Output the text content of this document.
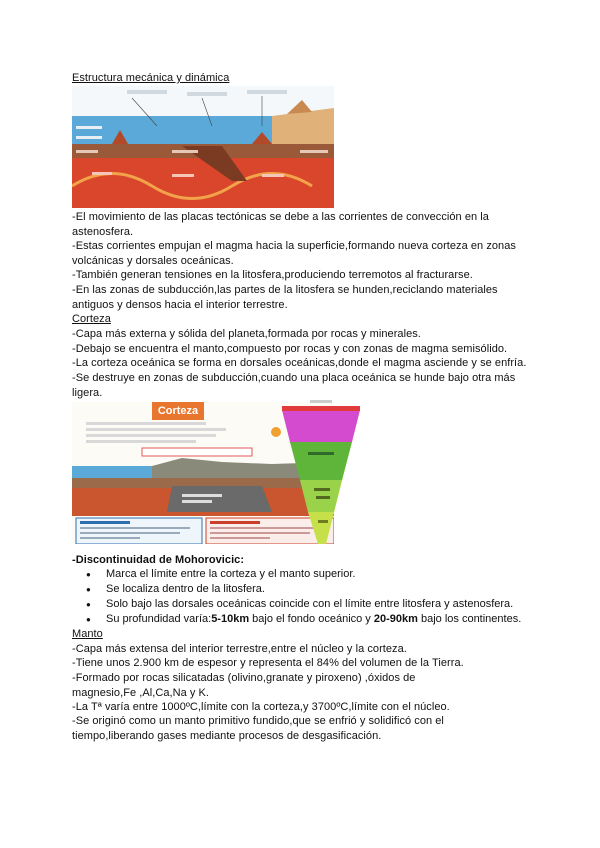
Estructura mecánica y dinámica
-El movimiento de las placas tectónicas se debe a las corrientes de convección en la astenosfera.
-Estas corrientes empujan el magma hacia la superficie,formando nueva corteza en zonas volcánicas y dorsales oceánicas.
-También generan tensiones en la litosfera,produciendo terremotos al fracturarse.
-En las zonas de subducción,las partes de la litosfera se hunden,reciclando materiales antiguos y densos hacia el interior terrestre.
Corteza
-Capa más externa y sólida del planeta,formada por rocas y minerales.
-Debajo se encuentra el manto,compuesto por rocas y con zonas de magma semisólido.
-La corteza oceánica se forma en dorsales oceánicas,donde el magma asciende y se enfría.
-Se destruye en zonas de subducción,cuando una placa oceánica se hunde bajo otra más ligera.
Corteza
-Discontinuidad de Mohorovicic:
● Marca el límite entre la corteza y el manto superior.
● Se localiza dentro de la litosfera.
● Solo bajo las dorsales oceánicas coincide con el límite entre litosfera y astenosfera.
● Su profundidad varía:5-10km bajo el fondo oceánico y 20-90km bajo los continentes.
Manto
-Capa más extensa del interior terrestre,entre el núcleo y la corteza.
-Tiene unos 2.900 km de espesor y representa el 84% del volumen de la Tierra.
-Formado por rocas silicatadas (olivino,granate y piroxeno) ,óxidos de magnesio,Fe ,Al,Ca,Na y K.
-La Tª varía entre 1000ºC,límite con la corteza,y 3700ºC,límite con el núcleo.
-Se originó como un manto primitivo fundido,que se enfrió y solidificó con el tiempo,liberando gases mediante procesos de desgasificación.
